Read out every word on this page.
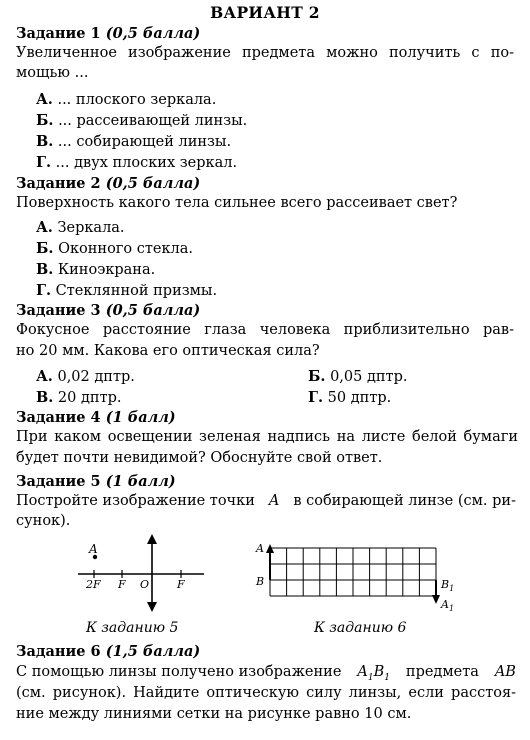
ВАРИАНТ 2
Задание 1 (0,5 балла)
Увеличенное изображение предмета можно получить с по-
мощью ...
А. ... плоского зеркала.
Б. ... рассеивающей линзы.
В. ... собирающей линзы.
Г. ... двух плоских зеркал.
Задание 2 (0,5 балла)
Поверхность какого тела сильнее всего рассеивает свет?
А. Зеркала.
Б. Оконного стекла.
В. Киноэкрана.
Г. Стеклянной призмы.
Задание 3 (0,5 балла)
Фокусное расстояние глаза человека приблизительно рав-
но 20 мм. Какова его оптическая сила?
А. 0,02 дптр.	Б. 0,05 дптр.
В. 20 дптр.	Г. 50 дптр.
Задание 4 (1 балл)
При каком освещении зеленая надпись на листе белой бумаги
будет почти невидимой? Обоснуйте свой ответ.
Задание 5 (1 балл)
Постройте изображение точки A в собирающей линзе (см. ри-
сунок).
A
2F F O	F
К заданию 5
A
B	$B_1$
$A_1$
К заданию 6
Задание 6 (1,5 балла)
С помощью линзы получено изображение $A_1B_1$ предмета AB
(см. рисунок). Найдите оптическую силу линзы, если расстоя-
ние между линиями сетки на рисунке равно 10 см.
